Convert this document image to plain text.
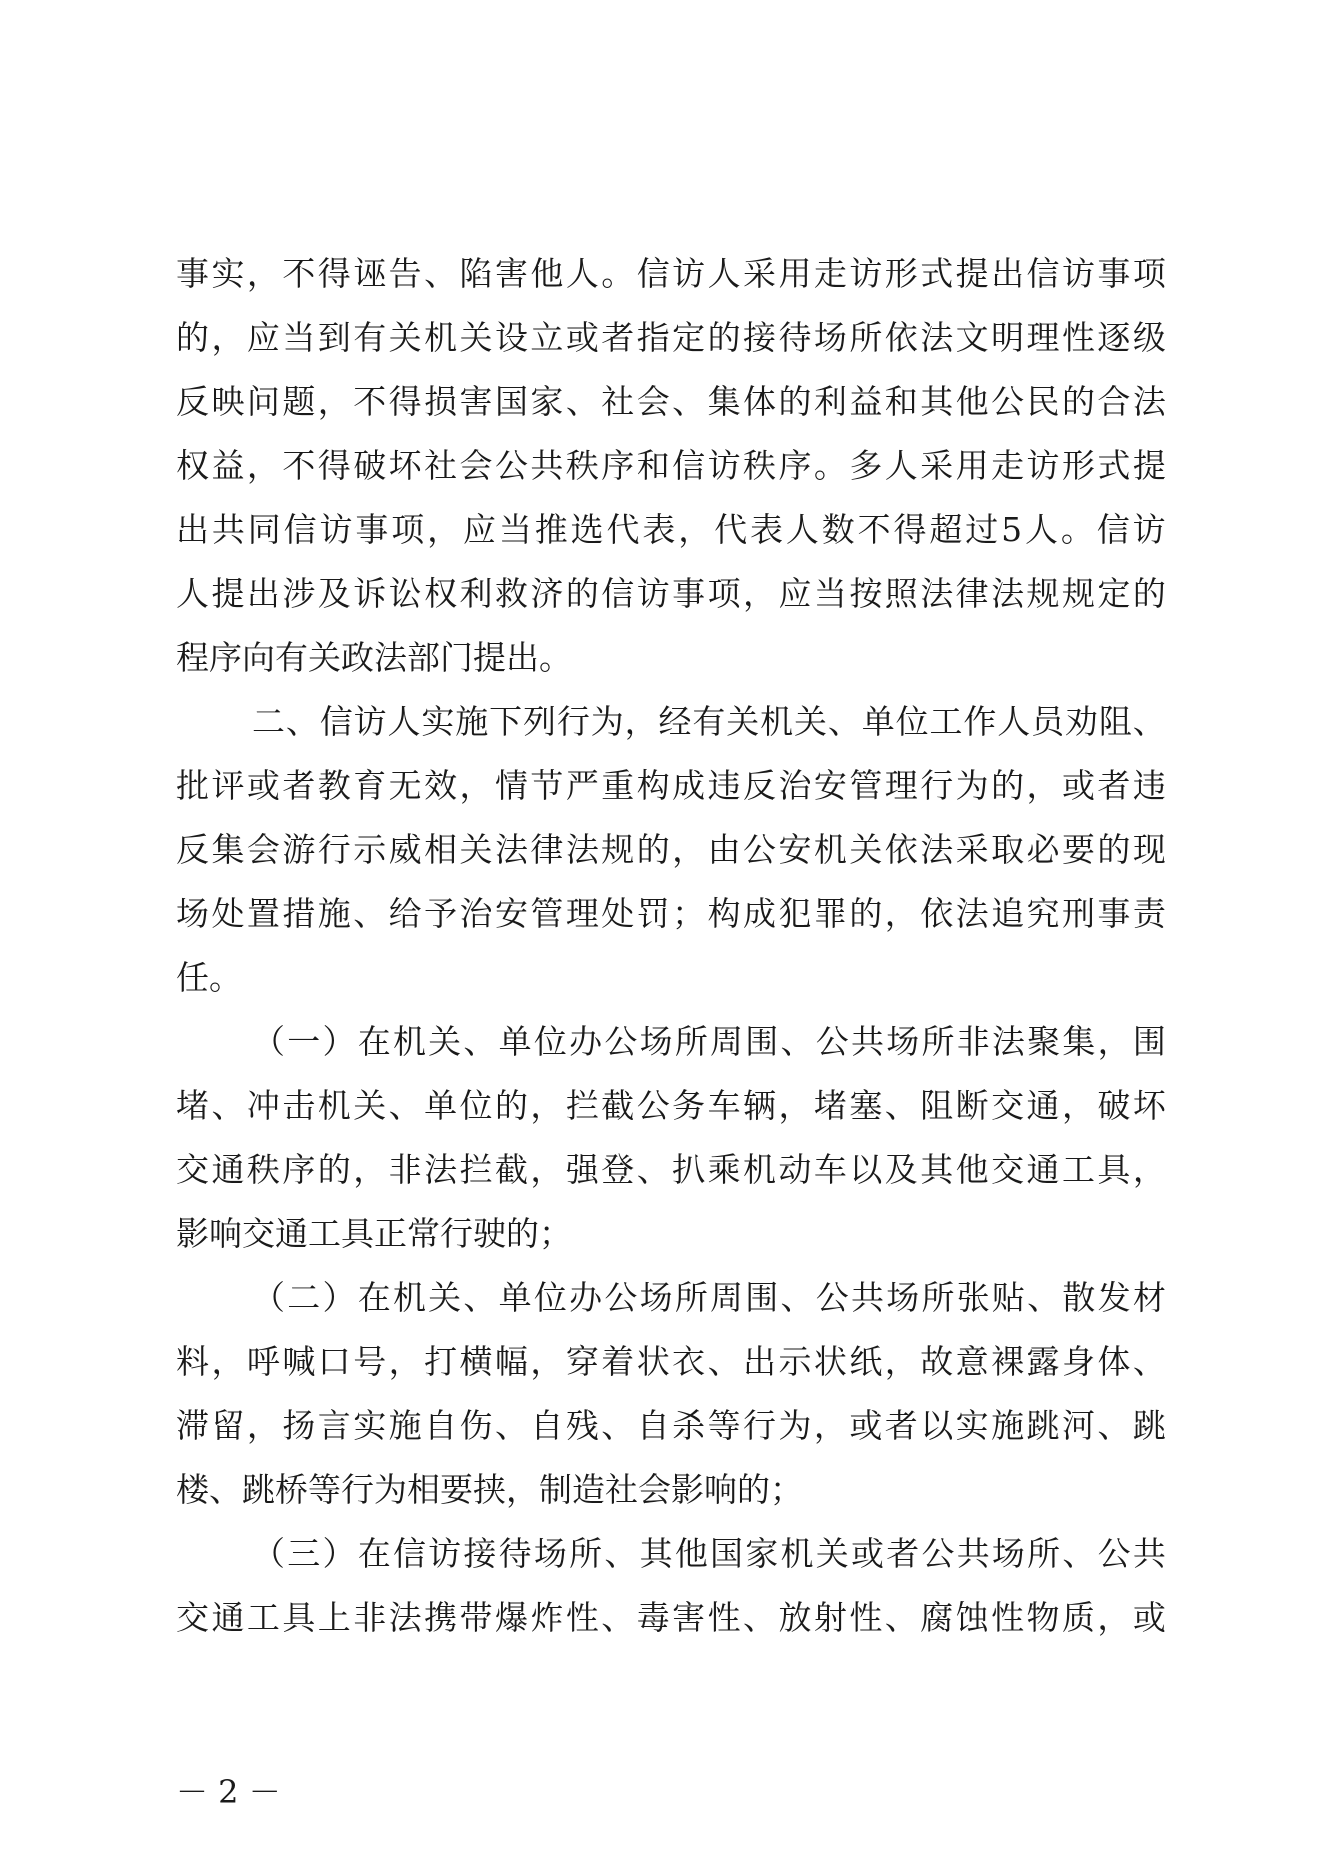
事 实 ， 不 得 诬 告 、 陷 害 他 人 。 信 访 人 采 用 走 访 形 式 提 出 信 访 事 项
的 ， 应 当 到 有 关 机 关 设 立 或 者 指 定 的 接 待 场 所 依 法 文 明 理 性 逐 级
反 映 问 题 ， 不 得 损 害 国 家 、 社 会 、 集 体 的 利 益 和 其 他 公 民 的 合 法
权 益 ， 不 得 破 坏 社 会 公 共 秩 序 和 信 访 秩 序 。 多 人 采 用 走 访 形 式 提
出 共 同 信 访 事 项 ， 应 当 推 选 代 表 ， 代 表 人 数 不 得 超 过 5 人 。 信 访
人 提 出 涉 及 诉 讼 权 利 救 济 的 信 访 事 项 ， 应 当 按 照 法 律 法 规 规 定 的
程 序 向 有 关 政 法 部 门 提 出 。
二 、 信 访 人 实 施 下 列 行 为 ， 经 有 关 机 关 、 单 位 工 作 人 员 劝 阻 、
批 评 或 者 教 育 无 效 ， 情 节 严 重 构 成 违 反 治 安 管 理 行 为 的 ， 或 者 违
反 集 会 游 行 示 威 相 关 法 律 法 规 的 ， 由 公 安 机 关 依 法 采 取 必 要 的 现
场 处 置 措 施 、 给 予 治 安 管 理 处 罚 ； 构 成 犯 罪 的 ， 依 法 追 究 刑 事 责
任 。
（ 一 ） 在 机 关 、 单 位 办 公 场 所 周 围 、 公 共 场 所 非 法 聚 集 ， 围
堵 、 冲 击 机 关 、 单 位 的 ， 拦 截 公 务 车 辆 ， 堵 塞 、 阻 断 交 通 ， 破 坏
交 通 秩 序 的 ， 非 法 拦 截 ， 强 登 、 扒 乘 机 动 车 以 及 其 他 交 通 工 具 ，
影 响 交 通 工 具 正 常 行 驶 的 ；
（ 二 ） 在 机 关 、 单 位 办 公 场 所 周 围 、 公 共 场 所 张 贴 、 散 发 材
料 ， 呼 喊 口 号 ， 打 横 幅 ， 穿 着 状 衣 、 出 示 状 纸 ， 故 意 裸 露 身 体 、
滞 留 ， 扬 言 实 施 自 伤 、 自 残 、 自 杀 等 行 为 ， 或 者 以 实 施 跳 河 、 跳
楼 、 跳 桥 等 行 为 相 要 挟 ， 制 造 社 会 影 响 的 ；
（ 三 ） 在 信 访 接 待 场 所 、 其 他 国 家 机 关 或 者 公 共 场 所 、 公 共
交 通 工 具 上 非 法 携 带 爆 炸 性 、 毒 害 性 、 放 射 性 、 腐 蚀 性 物 质 ， 或
－ 2 －
